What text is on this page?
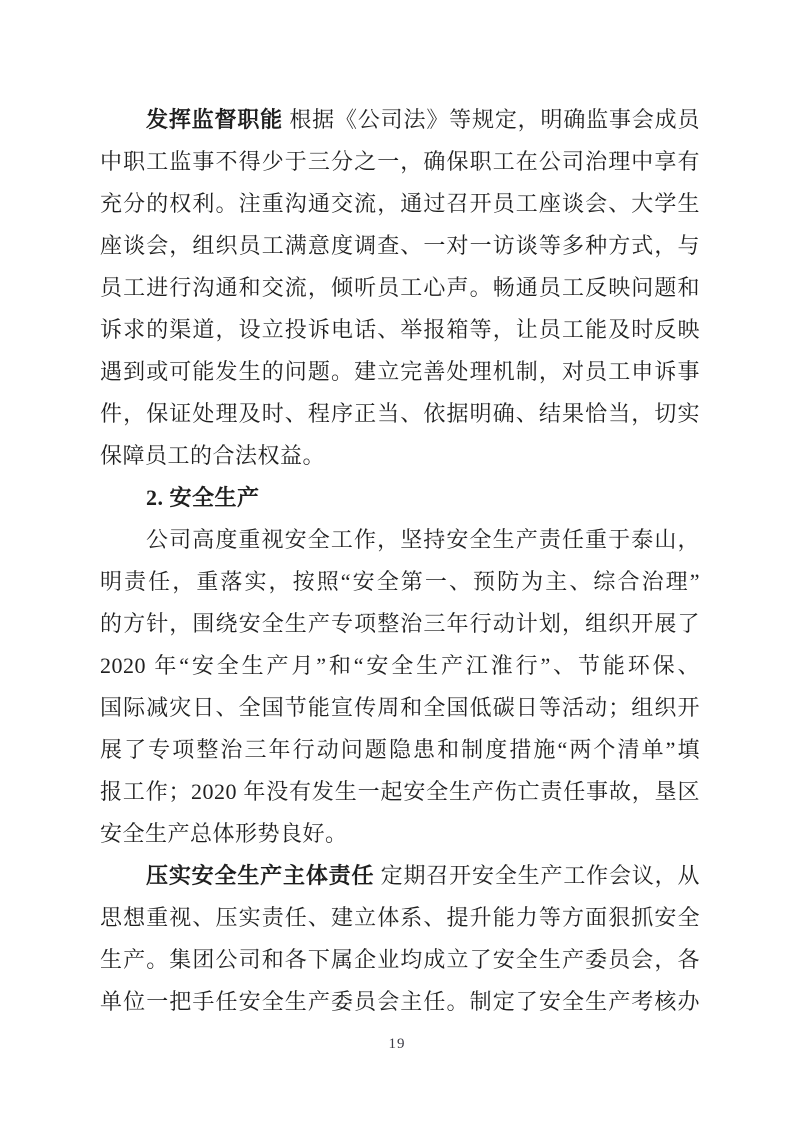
发挥监督职能 根据《公司法》等规定，明确监事会成员
中职工监事不得少于三分之一，确保职工在公司治理中享有
充分的权利。注重沟通交流，通过召开员工座谈会、大学生
座谈会，组织员工满意度调查、一对一访谈等多种方式，与
员工进行沟通和交流，倾听员工心声。畅通员工反映问题和
诉求的渠道，设立投诉电话、举报箱等，让员工能及时反映
遇到或可能发生的问题。建立完善处理机制，对员工申诉事
件，保证处理及时、程序正当、依据明确、结果恰当，切实
保障员工的合法权益。
2. 安全生产
公司高度重视安全工作，坚持安全生产责任重于泰山，
明责任，重落实，按照“安全第一、预防为主、综合治理”
的方针，围绕安全生产专项整治三年行动计划，组织开展了
2020 年“安全生产月”和“安全生产江淮行”、节能环保、
国际减灾日、全国节能宣传周和全国低碳日等活动；组织开
展了专项整治三年行动问题隐患和制度措施“两个清单”填
报工作；2020 年没有发生一起安全生产伤亡责任事故，垦区
安全生产总体形势良好。
压实安全生产主体责任 定期召开安全生产工作会议，从
思想重视、压实责任、建立体系、提升能力等方面狠抓安全
生产。集团公司和各下属企业均成立了安全生产委员会，各
单位一把手任安全生产委员会主任。制定了安全生产考核办
19
